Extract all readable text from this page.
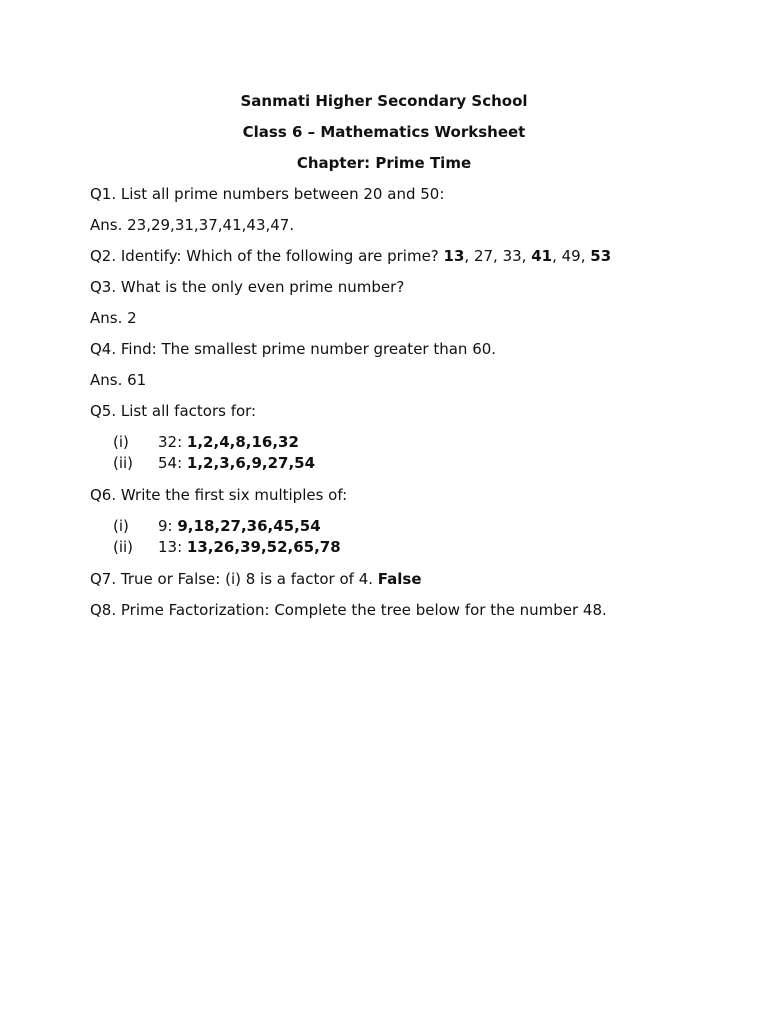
Sanmati Higher Secondary School
Class 6 – Mathematics Worksheet
Chapter: Prime Time
Q1. List all prime numbers between 20 and 50:
Ans. 23,29,31,37,41,43,47.
Q2. Identify: Which of the following are prime? 13, 27, 33, 41, 49, 53
Q3. What is the only even prime number?
Ans. 2
Q4. Find: The smallest prime number greater than 60.
Ans. 61
Q5. List all factors for:
(i)	32: 1,2,4,8,16,32
(ii)	54: 1,2,3,6,9,27,54
Q6. Write the first six multiples of:
(i)	9: 9,18,27,36,45,54
(ii)	13: 13,26,39,52,65,78
Q7. True or False: (i) 8 is a factor of 4. False
Q8. Prime Factorization: Complete the tree below for the number 48.
